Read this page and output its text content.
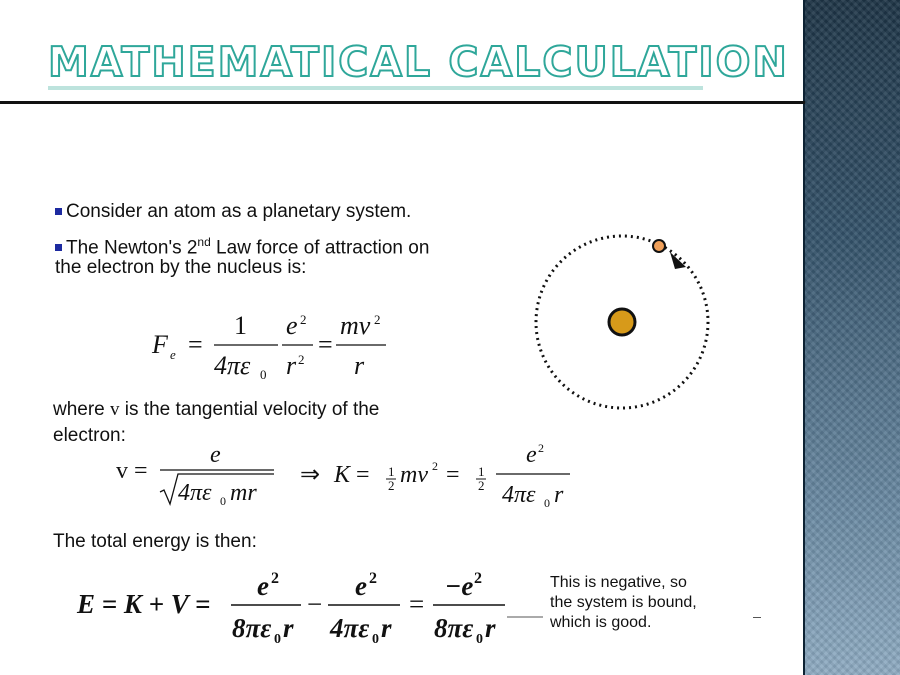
MATHEMATICAL CALCULATION
Consider an atom as a planetary system.
The Newton's 2nd Law force of attraction on
the electron by the nucleus is:
F e =
1
4πε 0
e 2
r 2
=
mv 2
r
where v is the tangential velocity of the
electron:
v =
e
4πε 0 mr
⇒ K = 1
2 mv 2 = 1
2
e 2
4πε 0 r
The total energy is then:
E = K + V =
e 2
8πε 0 r
−
e 2
4πε 0 r
=
−e 2
8πε 0 r
This is negative, so
the system is bound,
which is good.
